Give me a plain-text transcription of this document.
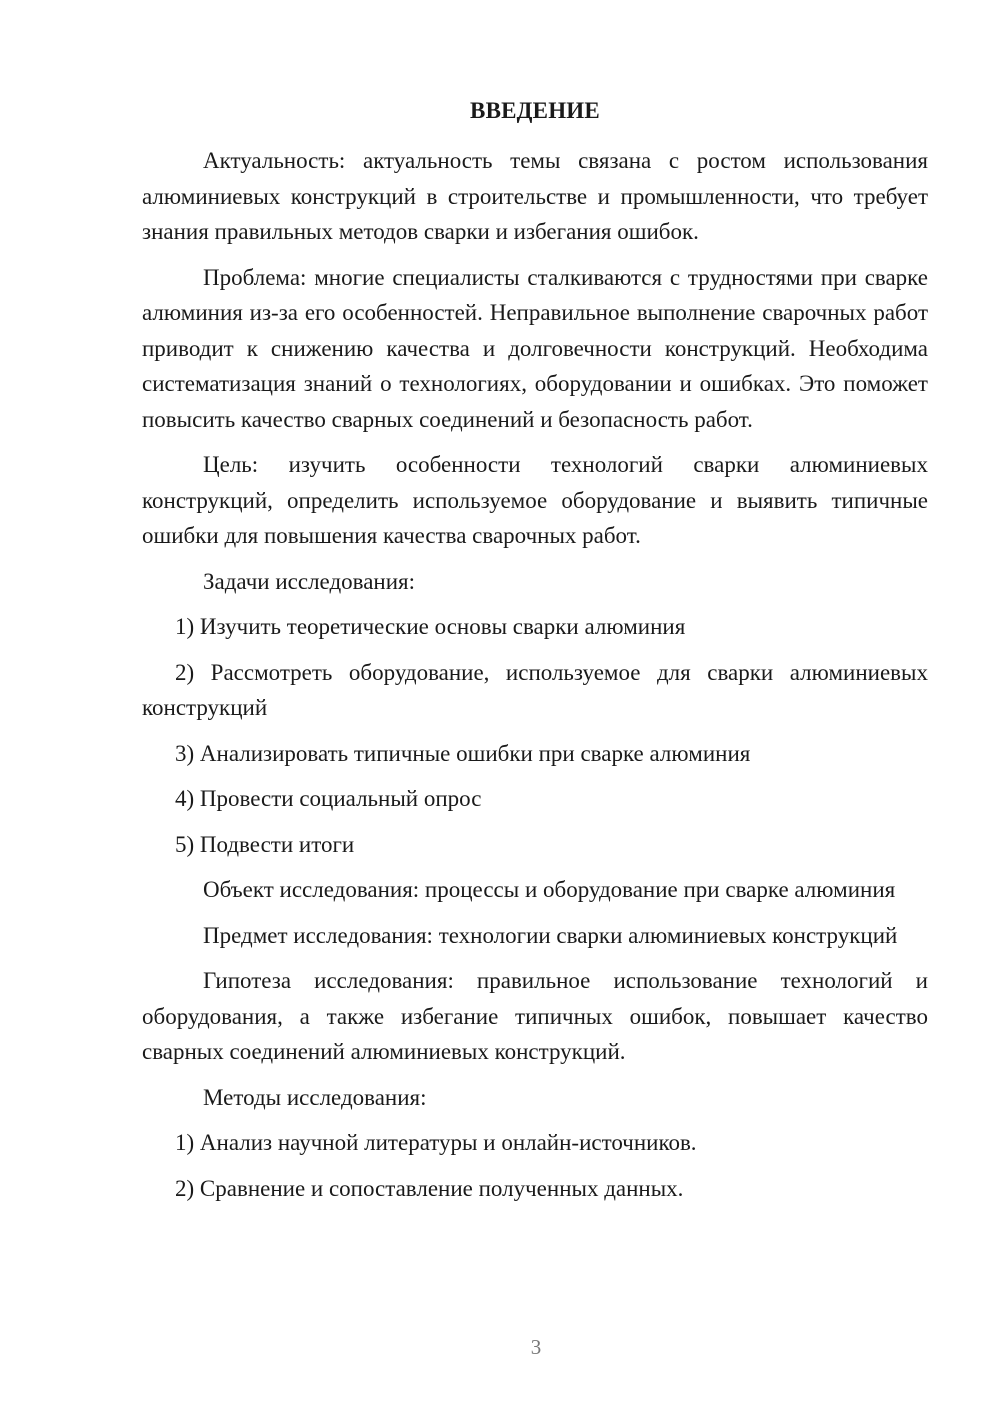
ВВЕДЕНИЕ

Актуальность: актуальность темы связана с ростом использования алюминиевых конструкций в строительстве и промышленности, что требует знания правильных методов сварки и избегания ошибок.

Проблема: многие специалисты сталкиваются с трудностями при сварке алюминия из-за его особенностей. Неправильное выполнение сварочных работ приводит к снижению качества и долговечности конструкций. Необходима систематизация знаний о технологиях, оборудовании и ошибках. Это поможет повысить качество сварных соединений и безопасность работ.

Цель: изучить особенности технологий сварки алюминиевых конструкций, определить используемое оборудование и выявить типичные ошибки для повышения качества сварочных работ.

Задачи исследования:

1) Изучить теоретические основы сварки алюминия

2) Рассмотреть оборудование, используемое для сварки алюминиевых конструкций

3) Анализировать типичные ошибки при сварке алюминия

4) Провести социальный опрос

5) Подвести итоги

Объект исследования: процессы и оборудование при сварке алюминия

Предмет исследования: технологии сварки алюминиевых конструкций

Гипотеза исследования: правильное использование технологий и оборудования, а также избегание типичных ошибок, повышает качество сварных соединений алюминиевых конструкций.

Методы исследования:

1) Анализ научной литературы и онлайн-источников.

2) Сравнение и сопоставление полученных данных.

3
